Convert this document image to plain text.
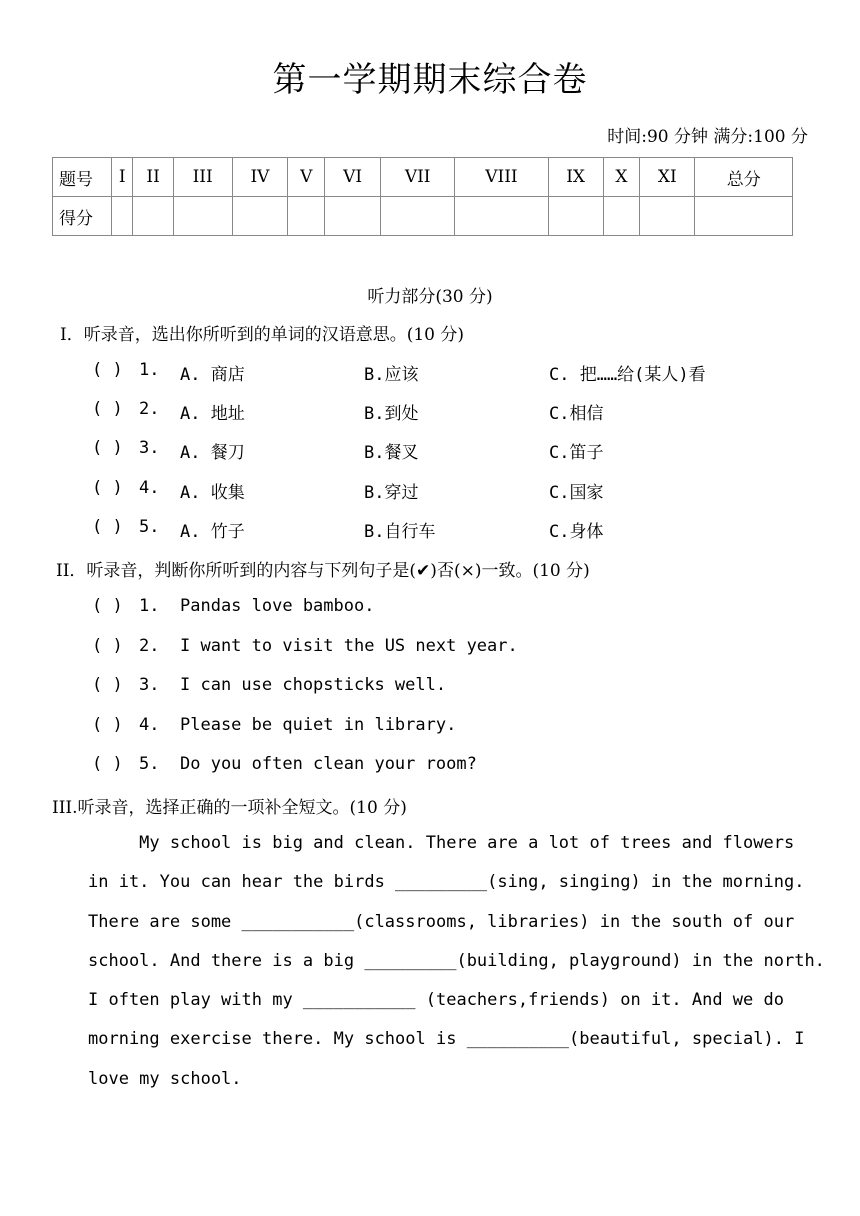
第一学期期末综合卷
时间:90 分钟 满分:100 分
题号	I	II	III	IV	V	VI	VII	VIII	IX	X	XI	总分
得分												
听力部分(30 分)
I．听录音，选出你所听到的单词的汉语意思。(10 分)
( ) 1. A. 商店	B.应该	C. 把……给(某人)看
( ) 2. A. 地址	B.到处	C.相信
( ) 3. A. 餐刀	B.餐叉	C.笛子
( ) 4. A. 收集	B.穿过	C.国家
( ) 5. A. 竹子	B.自行车	C.身体
II．听录音，判断你所听到的内容与下列句子是(✔)否(×)一致。(10 分)
( ) 1. Pandas love bamboo.
( ) 2. I want to visit the US next year.
( ) 3. I can use chopsticks well.
( ) 4. Please be quiet in library.
( ) 5. Do you often clean your room?
III.听录音，选择正确的一项补全短文。(10 分)
My school is big and clean. There are a lot of trees and flowers
in it. You can hear the birds _________(sing, singing) in the morning.
There are some ___________(classrooms, libraries) in the south of our
school. And there is a big _________(building, playground) in the north.
I often play with my ___________ (teachers,friends) on it. And we do
morning exercise there. My school is __________(beautiful, special). I
love my school.
